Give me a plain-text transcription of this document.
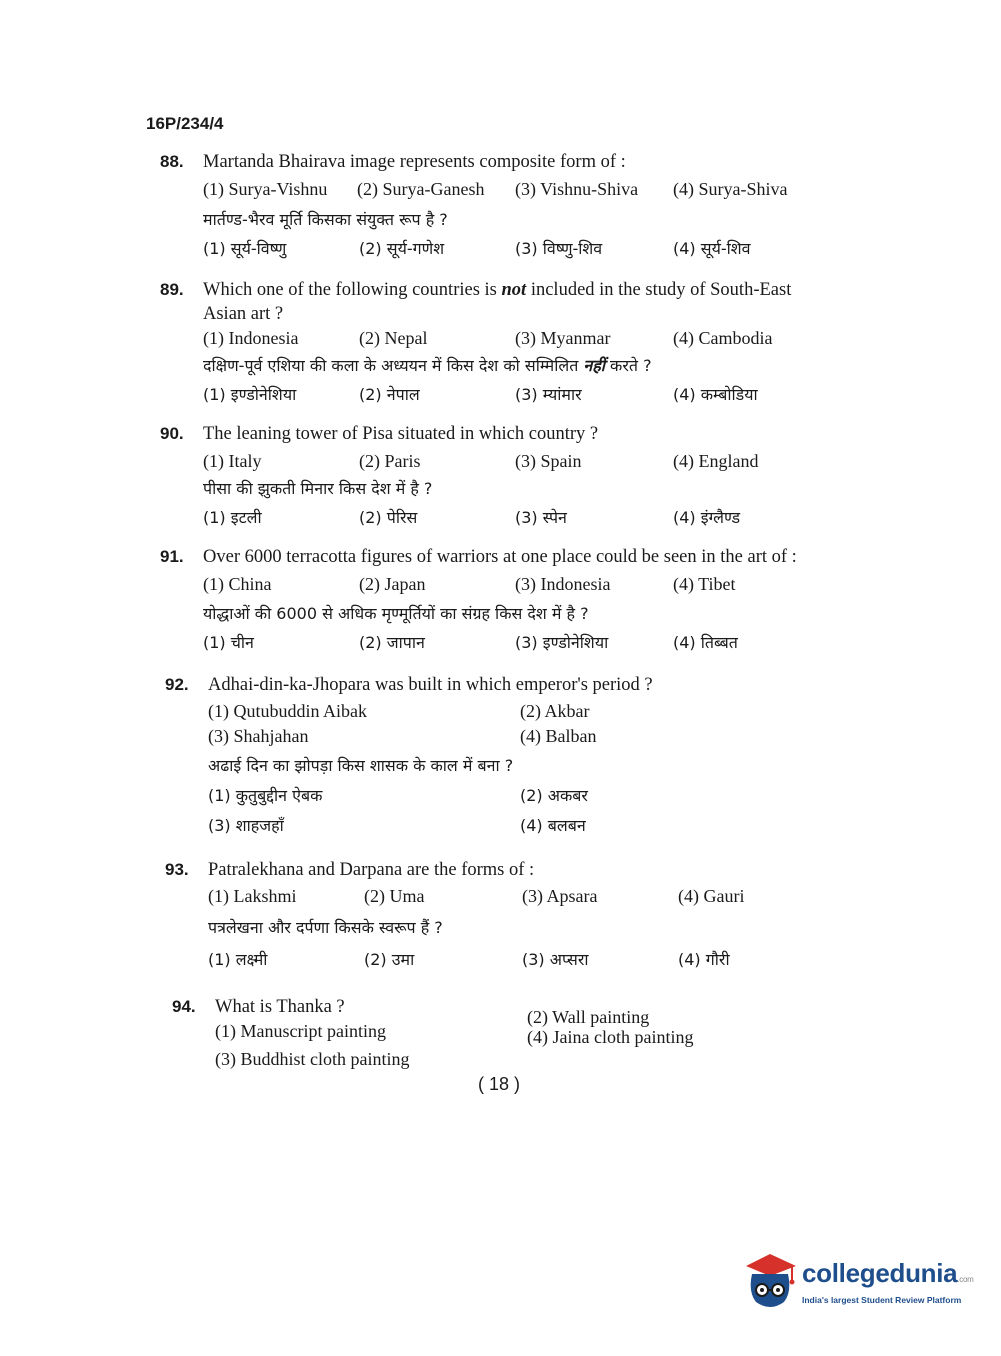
16P/234/4
88. Martanda Bhairava image represents composite form of :
(1) Surya-Vishnu (2) Surya-Ganesh (3) Vishnu-Shiva (4) Surya-Shiva
मार्तण्ड-भैरव मूर्ति किसका संयुक्त रूप है ?
(1) सूर्य-विष्णु	(2) सूर्य-गणेश	(3) विष्णु-शिव	(4) सूर्य-शिव
89. Which one of the following countries is not included in the study of South-East Asian art ?
(1) Indonesia	(2) Nepal	(3) Myanmar	(4) Cambodia
दक्षिण-पूर्व एशिया की कला के अध्ययन में किस देश को सम्मिलित नहीं करते ?
(1) इण्डोनेशिया	(2) नेपाल	(3) म्यांमार	(4) कम्बोडिया
90. The leaning tower of Pisa situated in which country ?
(1) Italy	(2) Paris	(3) Spain	(4) England
पीसा की झुकती मिनार किस देश में है ?
(1) इटली	(2) पेरिस	(3) स्पेन	(4) इंग्लैण्ड
91. Over 6000 terracotta figures of warriors at one place could be seen in the art of :
(1) China	(2) Japan	(3) Indonesia	(4) Tibet
योद्धाओं की 6000 से अधिक मृण्मूर्तियों का संग्रह किस देश में है ?
(1) चीन	(2) जापान	(3) इण्डोनेशिया	(4) तिब्बत
92. Adhai-din-ka-Jhopara was built in which emperor's period ?
(1) Qutubuddin Aibak	(2) Akbar
(3) Shahjahan	(4) Balban
अढाई दिन का झोपड़ा किस शासक के काल में बना ?
(1) कुतुबुद्दीन ऐबक	(2) अकबर
(3) शाहजहाँ	(4) बलबन
93. Patralekhana and Darpana are the forms of :
(1) Lakshmi	(2) Uma	(3) Apsara	(4) Gauri
पत्रलेखना और दर्पणा किसके स्वरूप हैं ?
(1) लक्ष्मी	(2) उमा	(3) अप्सरा	(4) गौरी
94. What is Thanka ?
(1) Manuscript painting
(2) Wall painting
(3) Buddhist cloth painting
(4) Jaina cloth painting
( 18 )
collegedunia.com
India's largest Student Review Platform
